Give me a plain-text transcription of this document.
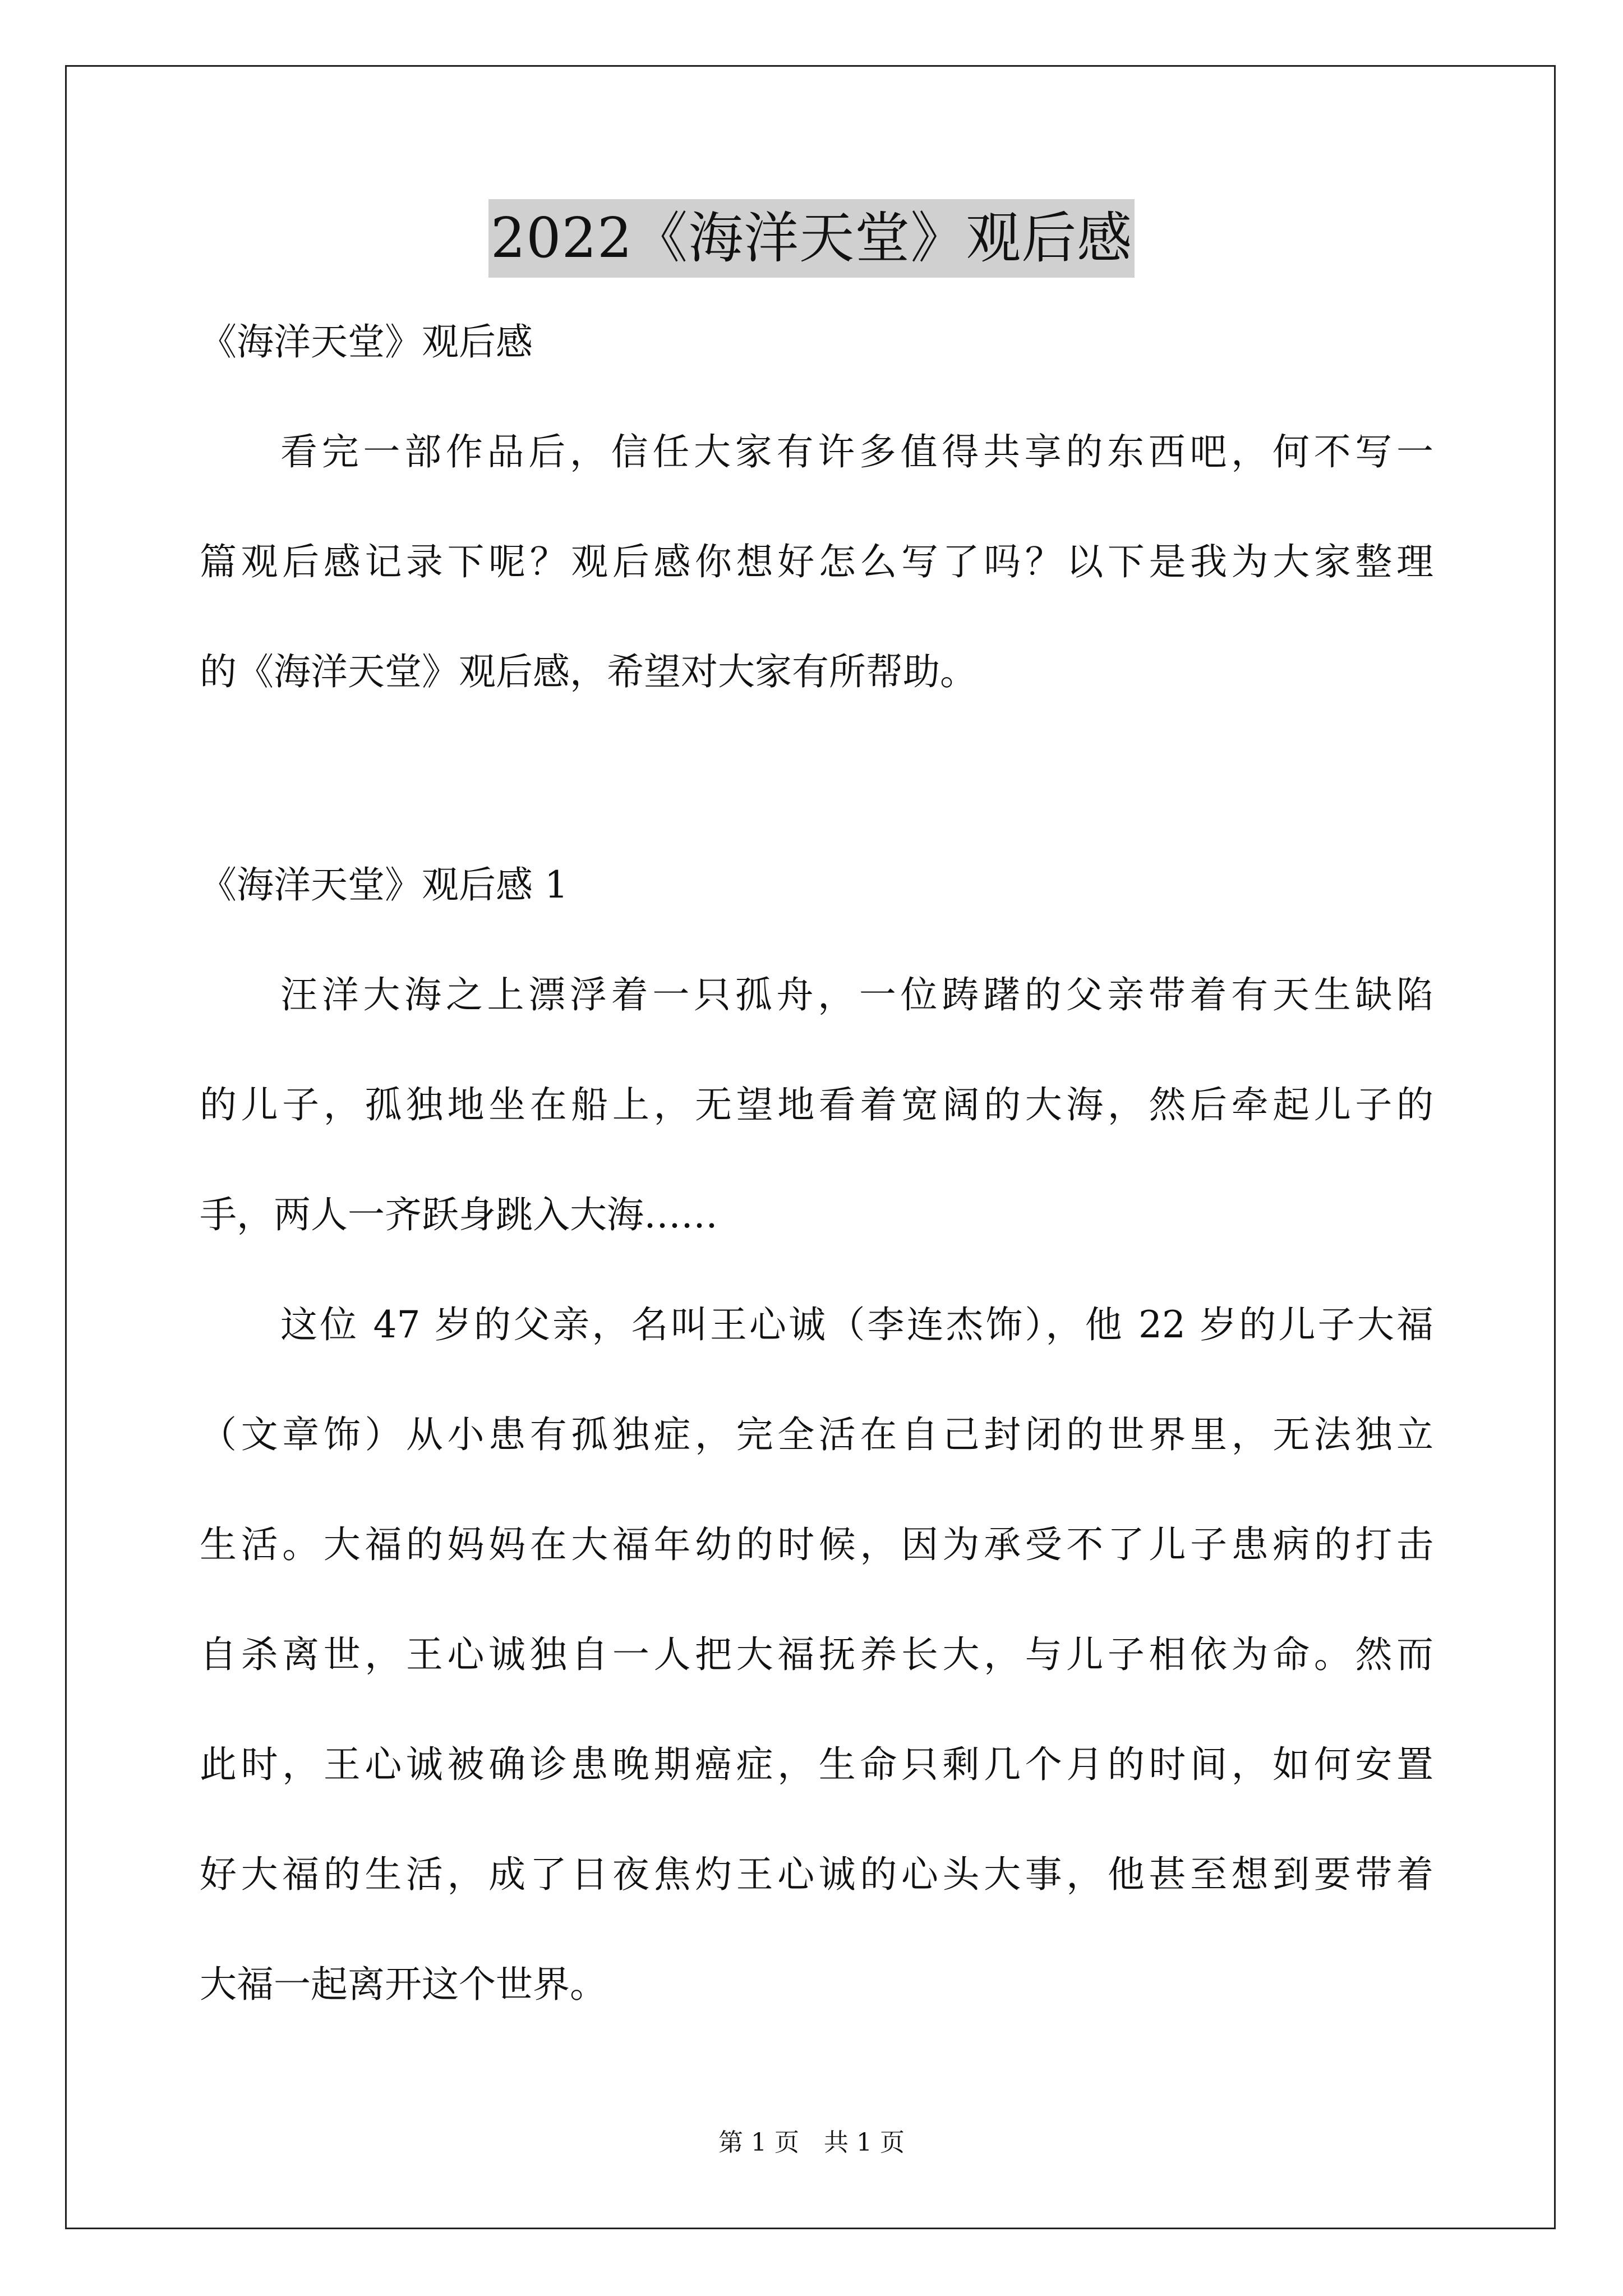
2022《海洋天堂》观后感
《海洋天堂》观后感
看完一部作品后，信任大家有许多值得共享的东西吧，何不写一
篇观后感记录下呢？观后感你想好怎么写了吗？以下是我为大家整理
的《海洋天堂》观后感，希望对大家有所帮助。
《海洋天堂》观后感 1
汪洋大海之上漂浮着一只孤舟，一位踌躇的父亲带着有天生缺陷
的儿子，孤独地坐在船上，无望地看着宽阔的大海，然后牵起儿子的
手，两人一齐跃身跳入大海……
这位 47 岁的父亲，名叫王心诚（李连杰饰），他 22 岁的儿子大福
（文章饰）从小患有孤独症，完全活在自己封闭的世界里，无法独立
生活。大福的妈妈在大福年幼的时候，因为承受不了儿子患病的打击
自杀离世，王心诚独自一人把大福抚养长大，与儿子相依为命。然而
此时，王心诚被确诊患晚期癌症，生命只剩几个月的时间，如何安置
好大福的生活，成了日夜焦灼王心诚的心头大事，他甚至想到要带着
大福一起离开这个世界。
第 1 页 共 1 页
